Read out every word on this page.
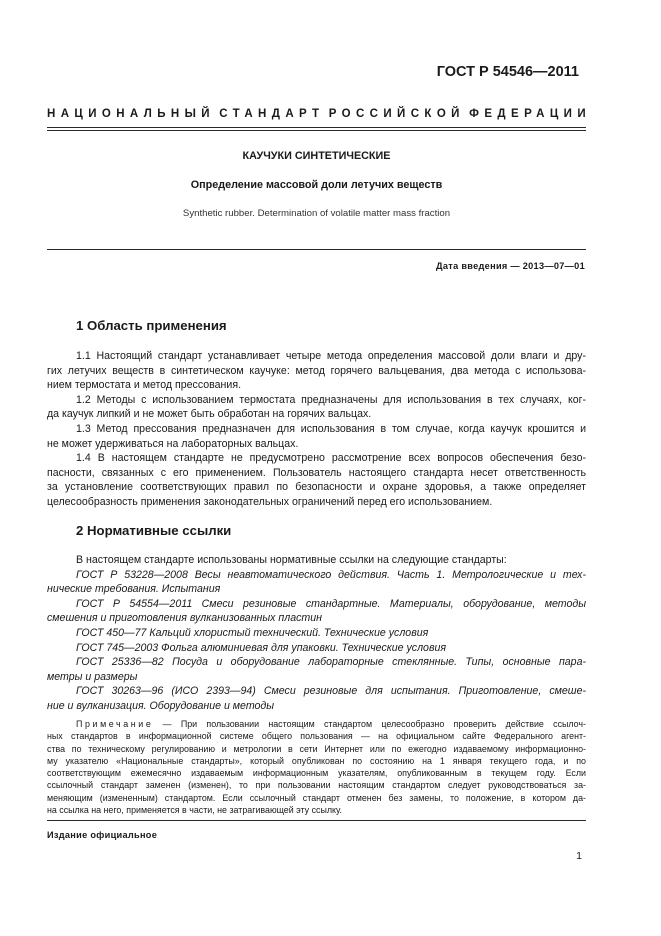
ГОСТ Р 54546—2011
НАЦИОНАЛЬНЫЙ СТАНДАРТ РОССИЙСКОЙ ФЕДЕРАЦИИ
КАУЧУКИ СИНТЕТИЧЕСКИЕ
Определение массовой доли летучих веществ
Synthetic rubber. Determination of volatile matter mass fraction
Дата введения — 2013—07—01
1 Область применения
1.1 Настоящий стандарт устанавливает четыре метода определения массовой доли влаги и дру-
гих летучих веществ в синтетическом каучуке: метод горячего вальцевания, два метода с использова-
нием термостата и метод прессования.
1.2 Методы с использованием термостата предназначены для использования в тех случаях, ког-
да каучук липкий и не может быть обработан на горячих вальцах.
1.3 Метод прессования предназначен для использования в том случае, когда каучук крошится и
не может удерживаться на лабораторных вальцах.
1.4 В настоящем стандарте не предусмотрено рассмотрение всех вопросов обеспечения безо-
пасности, связанных с его применением. Пользователь настоящего стандарта несет ответственность
за установление соответствующих правил по безопасности и охране здоровья, а также определяет
целесообразность применения законодательных ограничений перед его использованием.
2 Нормативные ссылки
В настоящем стандарте использованы нормативные ссылки на следующие стандарты:
ГОСТ Р 53228—2008 Весы неавтоматического действия. Часть 1. Метрологические и тех-
нические требования. Испытания
ГОСТ Р 54554—2011 Смеси резиновые стандартные. Материалы, оборудование, методы
смешения и приготовления вулканизованных пластин
ГОСТ 450—77 Кальций хлористый технический. Технические условия
ГОСТ 745—2003 Фольга алюминиевая для упаковки. Технические условия
ГОСТ 25336—82 Посуда и оборудование лабораторные стеклянные. Типы, основные пара-
метры и размеры
ГОСТ 30263—96 (ИСО 2393—94) Смеси резиновые для испытания. Приготовление, смеше-
ние и вулканизация. Оборудование и методы
Примечание — При пользовании настоящим стандартом целесообразно проверить действие ссылоч-
ных стандартов в информационной системе общего пользования — на официальном сайте Федерального агент-
ства по техническому регулированию и метрологии в сети Интернет или по ежегодно издаваемому информационно-
му указателю «Национальные стандарты», который опубликован по состоянию на 1 января текущего года, и по
соответствующим ежемесячно издаваемым информационным указателям, опубликованным в текущем году. Если
ссылочный стандарт заменен (изменен), то при пользовании настоящим стандартом следует руководствоваться за-
меняющим (измененным) стандартом. Если ссылочный стандарт отменен без замены, то положение, в котором да-
на ссылка на него, применяется в части, не затрагивающей эту ссылку.
Издание официальное
1
